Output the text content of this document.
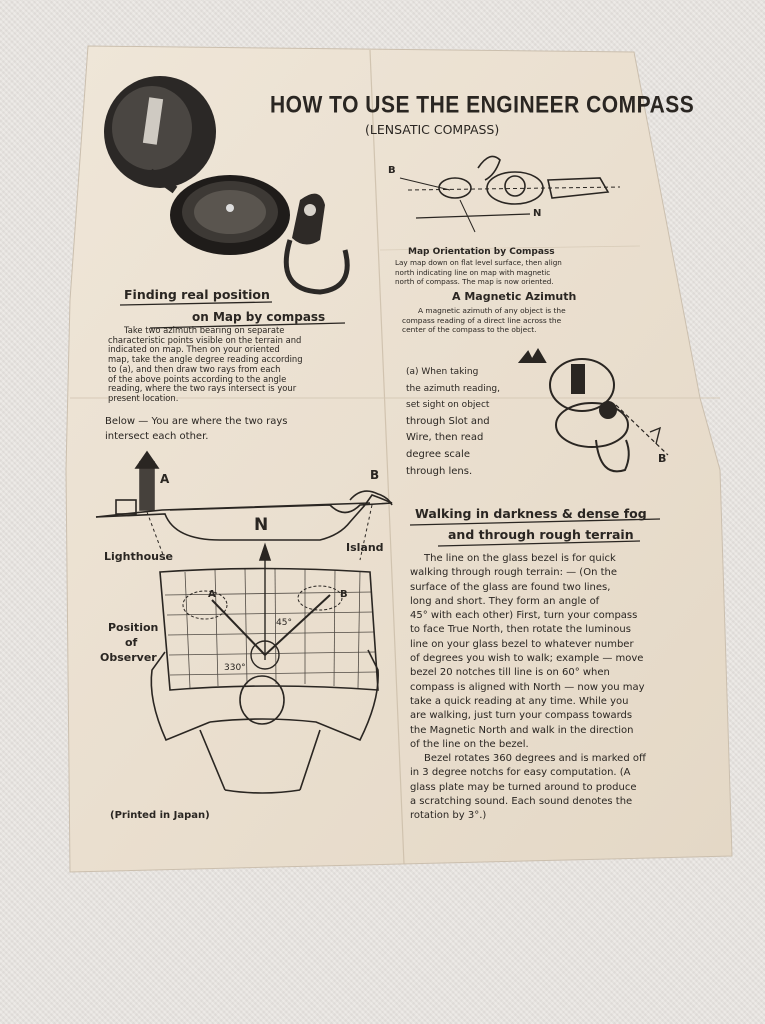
HOW TO USE THE ENGINEER COMPASS
(LENSATIC COMPASS)
B
N
Map Orientation by Compass
Lay map down on flat level surface, then align
north indicating line on map with magnetic
north of compass. The map is now oriented.
A Magnetic Azimuth
A magnetic azimuth of any object is the
compass reading of a direct line across the
center of the compass to the object.
(a) When taking
the azimuth reading,
set sight on object
through Slot and
Wire, then read
degree scale
through lens.
B
Finding real position
on Map by compass
Take two azimuth bearing on separate
characteristic points visible on the terrain and
indicated on map. Then on your oriented
map, take the angle degree reading according
to (a), and then draw two rays from each
of the above points according to the angle
reading, where the two rays intersect is your
present location.
Below — You are where the two rays
intersect each other.
A	B
N
Lighthouse
Island
Position
of
Observer
A	B
45°
330°
Walking in darkness & dense fog
and through rough terrain
The line on the glass bezel is for quick
walking through rough terrain: — (On the
surface of the glass are found two lines,
long and short. They form an angle of
45° with each other) First, turn your compass
to face True North, then rotate the luminous
line on your glass bezel to whatever number
of degrees you wish to walk; example — move
bezel 20 notches till line is on 60° when
compass is aligned with North — now you may
take a quick reading at any time. While you
are walking, just turn your compass towards
the Magnetic North and walk in the direction
of the line on the bezel.
Bezel rotates 360 degrees and is marked off
in 3 degree notchs for easy computation. (A
glass plate may be turned around to produce
a scratching sound. Each sound denotes the
rotation by 3°.)
(Printed in Japan)
